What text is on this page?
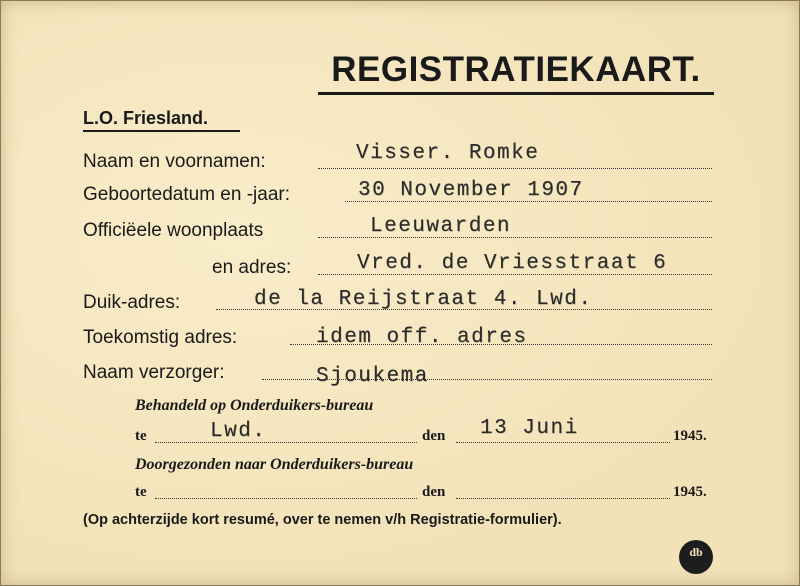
REGISTRATIEKAART.
L.O. Friesland.
Naam en voornamen:	Visser. Romke
Geboortedatum en -jaar:	30 November 1907
Officiëele woonplaats	Leeuwarden
en adres:	Vred. de Vriesstraat 6
Duik-adres:	de la Reijstraat 4. Lwd.
Toekomstig adres:	idem off. adres
Naam verzorger:	Sjoukema
Behandeld op Onderduikers-bureau
te	Lwd.	den 13 Juni	1945.
Doorgezonden naar Onderduikers-bureau
te	den	1945.
(Op achterzijde kort resumé, over te nemen v/h Registratie-formulier).
db
